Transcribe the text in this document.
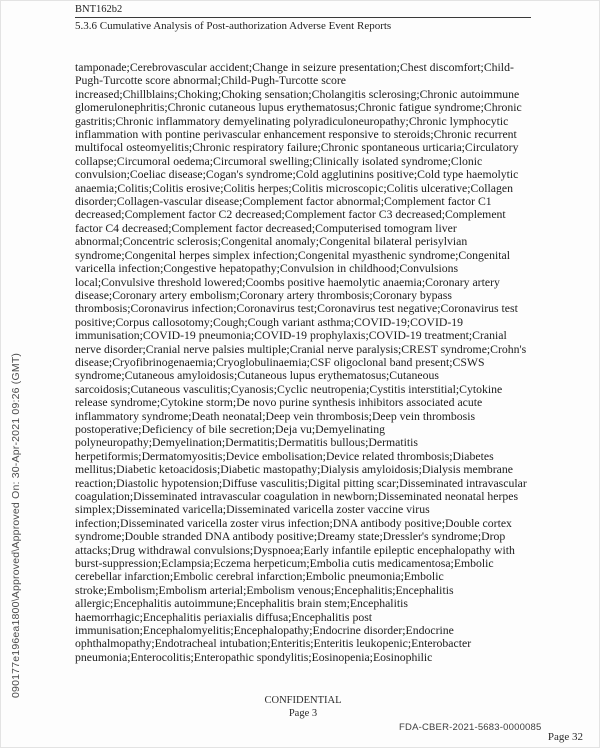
090177e196ea1800\Approved\Approved On: 30-Apr-2021 09:26 (GMT)
BNT162b2
5.3.6 Cumulative Analysis of Post-authorization Adverse Event Reports
tamponade;Cerebrovascular accident;Change in seizure presentation;Chest discomfort;Child-Pugh-Turcotte score abnormal;Child-Pugh-Turcotte score increased;Chillblains;Choking;Choking sensation;Cholangitis sclerosing;Chronic autoimmune glomerulonephritis;Chronic cutaneous lupus erythematosus;Chronic fatigue syndrome;Chronic gastritis;Chronic inflammatory demyelinating polyradiculoneuropathy;Chronic lymphocytic inflammation with pontine perivascular enhancement responsive to steroids;Chronic recurrent multifocal osteomyelitis;Chronic respiratory failure;Chronic spontaneous urticaria;Circulatory collapse;Circumoral oedema;Circumoral swelling;Clinically isolated syndrome;Clonic convulsion;Coeliac disease;Cogan's syndrome;Cold agglutinins positive;Cold type haemolytic anaemia;Colitis;Colitis erosive;Colitis herpes;Colitis microscopic;Colitis ulcerative;Collagen disorder;Collagen-vascular disease;Complement factor abnormal;Complement factor C1 decreased;Complement factor C2 decreased;Complement factor C3 decreased;Complement factor C4 decreased;Complement factor decreased;Computerised tomogram liver abnormal;Concentric sclerosis;Congenital anomaly;Congenital bilateral perisylvian syndrome;Congenital herpes simplex infection;Congenital myasthenic syndrome;Congenital varicella infection;Congestive hepatopathy;Convulsion in childhood;Convulsions local;Convulsive threshold lowered;Coombs positive haemolytic anaemia;Coronary artery disease;Coronary artery embolism;Coronary artery thrombosis;Coronary bypass thrombosis;Coronavirus infection;Coronavirus test;Coronavirus test negative;Coronavirus test positive;Corpus callosotomy;Cough;Cough variant asthma;COVID-19;COVID-19 immunisation;COVID-19 pneumonia;COVID-19 prophylaxis;COVID-19 treatment;Cranial nerve disorder;Cranial nerve palsies multiple;Cranial nerve paralysis;CREST syndrome;Crohn's disease;Cryofibrinogenaemia;Cryoglobulinaemia;CSF oligoclonal band present;CSWS syndrome;Cutaneous amyloidosis;Cutaneous lupus erythematosus;Cutaneous sarcoidosis;Cutaneous vasculitis;Cyanosis;Cyclic neutropenia;Cystitis interstitial;Cytokine release syndrome;Cytokine storm;De novo purine synthesis inhibitors associated acute inflammatory syndrome;Death neonatal;Deep vein thrombosis;Deep vein thrombosis postoperative;Deficiency of bile secretion;Deja vu;Demyelinating polyneuropathy;Demyelination;Dermatitis;Dermatitis bullous;Dermatitis herpetiformis;Dermatomyositis;Device embolisation;Device related thrombosis;Diabetes mellitus;Diabetic ketoacidosis;Diabetic mastopathy;Dialysis amyloidosis;Dialysis membrane reaction;Diastolic hypotension;Diffuse vasculitis;Digital pitting scar;Disseminated intravascular coagulation;Disseminated intravascular coagulation in newborn;Disseminated neonatal herpes simplex;Disseminated varicella;Disseminated varicella zoster vaccine virus infection;Disseminated varicella zoster virus infection;DNA antibody positive;Double cortex syndrome;Double stranded DNA antibody positive;Dreamy state;Dressler's syndrome;Drop attacks;Drug withdrawal convulsions;Dyspnoea;Early infantile epileptic encephalopathy with burst-suppression;Eclampsia;Eczema herpeticum;Embolia cutis medicamentosa;Embolic cerebellar infarction;Embolic cerebral infarction;Embolic pneumonia;Embolic stroke;Embolism;Embolism arterial;Embolism venous;Encephalitis;Encephalitis allergic;Encephalitis autoimmune;Encephalitis brain stem;Encephalitis haemorrhagic;Encephalitis periaxialis diffusa;Encephalitis post immunisation;Encephalomyelitis;Encephalopathy;Endocrine disorder;Endocrine ophthalmopathy;Endotracheal intubation;Enteritis;Enteritis leukopenic;Enterobacter pneumonia;Enterocolitis;Enteropathic spondylitis;Eosinopenia;Eosinophilic
CONFIDENTIAL
Page 3
FDA-CBER-2021-5683-0000085
Page 32
